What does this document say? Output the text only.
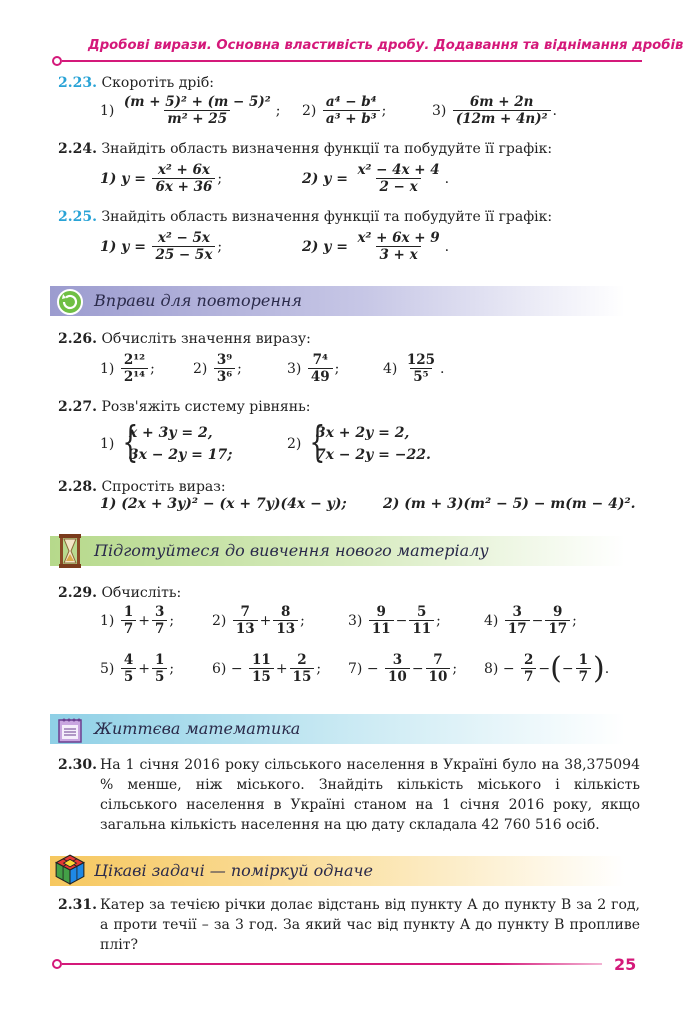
Дробові вирази. Основна властивість дробу. Додавання та віднімання дробів
2.23. Скоротіть дріб:
$1) \frac{\text{(m + 5)² + (m − 5)²}}{\text{m² + 25}}$ ; $2) \frac{\text{a⁴ − b⁴}}{\text{a³ + b³}}$ ;	$3) \frac{6m + 2n}{\text{(12m + 4n)²}}$ .
2.24. Знайдіть область визначення функції та побудуйте її графік:
1) $y = \frac{\text{x² + 6x}}{6x + 36}$ ;	2) $y = \frac{\text{x² − 4x + 4}}{2 - x}$ .
2.25. Знайдіть область визначення функції та побудуйте її графік:
1) $y = \frac{\text{x² − 5x}}{25 - 5x}$ ;	2) $y = \frac{\text{x² + 6x + 9}}{3 + x}$ .
Вправи для повторення
2.26. Обчисліть значення виразу:
$1) \frac{\text{2¹²}}{\text{2¹⁴}}$ ;	$2) \frac{\text{3⁹}}{\text{3⁶}}$ ;	$3) \frac{\text{7⁴}}{49}$ ;	$4) \frac{125}{\text{5⁵}}$ .
2.27. Розв'яжіть систему рівнянь:
1) {
x + 3y = 2,
3x − 2y = 17;
2) {
3x + 2y = 2,
7x − 2y = −22.
2.28. Спростіть вираз:
1) (2x + 3y)² − (x + 7y)(4x − y);	2) (m + 3)(m² − 5) − m(m − 4)².
Підготуйтеся до вивчення нового матеріалу
2.29. Обчисліть:
$1) \frac{1}{7} + \frac{3}{7}$ ;	$2) \frac{7}{13} + \frac{8}{13}$ ;	$3) \frac{9}{11} - \frac{5}{11}$ ;	$4) \frac{3}{17} - \frac{9}{17}$ ;
$5) \frac{4}{5} + \frac{1}{5}$ ;	$6) - \frac{11}{15} + \frac{2}{15}$ ; $7) - \frac{3}{10} - \frac{7}{10}$ ; $8) - \frac{2}{7}$ −(− $\frac{1}{7}$ ).
Життєва математика
2.30. На 1 січня 2016 року сільського населення в Україні було на 38,375094 % менше, ніж міського. Знайдіть кількість міського і кількість сільського населення в Україні станом на 1 січня 2016 року, якщо загальна кількість населення на цю дату складала 42 760 516 осіб.
Цікаві задачі — поміркуй одначе
2.31. Катер за течією річки долає відстань від пункту A до пункту B за 2 год, а проти течії – за 3 год. За який час від пункту A до пункту B пропливе пліт?
25
